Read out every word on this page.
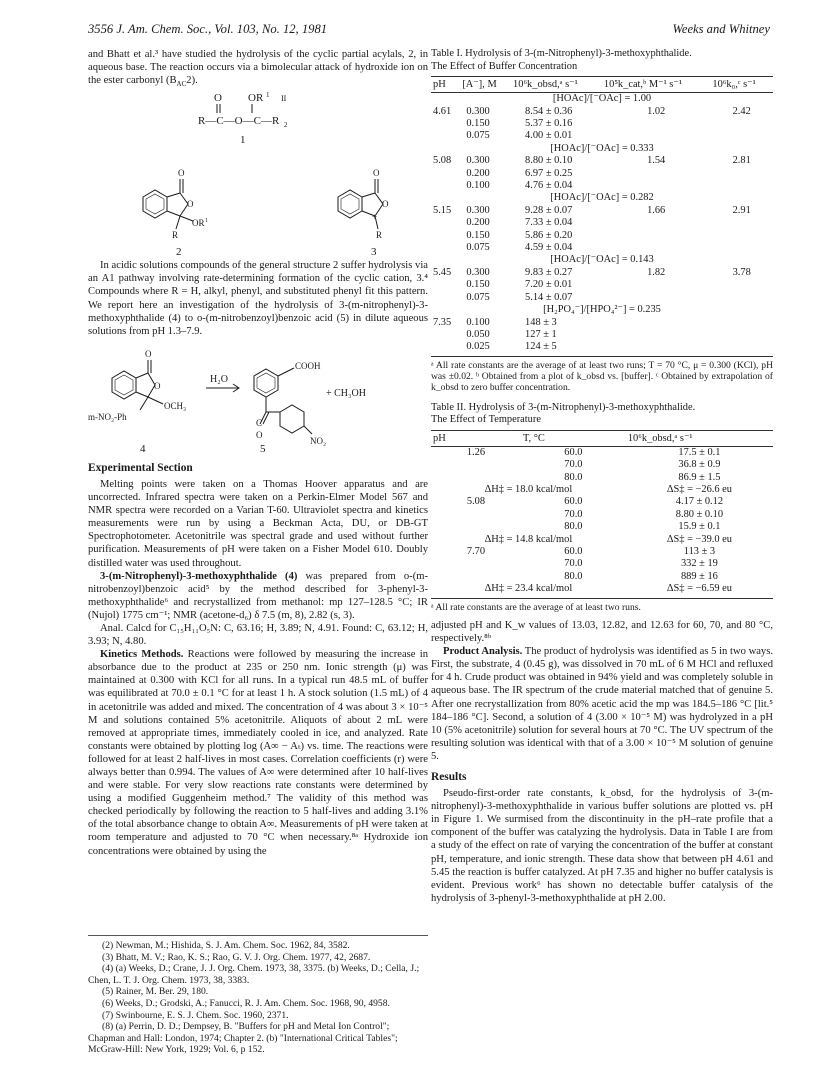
3556 J. Am. Chem. Soc., Vol. 103, No. 12, 1981	Weeks and Whitney

and Bhatt et al.³ have studied the hydrolysis of the cyclic partial acylals, 2, in aqueous base. The reaction occurs via a bimolecular attack of hydroxide ion on the ester carbonyl $(B_{AC}2)$.

O OR 1 II
R—C—O—C—R 2
1
O
O
R
OR 1
O
O
+
R
2	3

In acidic solutions compounds of the general structure 2 suffer hydrolysis via an A1 pathway involving rate-determining formation of the cyclic cation, 3.⁴ Compounds where R = H, alkyl, phenyl, and substituted phenyl fit this pattern. We report here an investigation of the hydrolysis of 3-(m-nitrophenyl)-3-methoxyphthalide (4) to o-(m-nitrobenzoyl)benzoic acid (5) in dilute aqueous solutions from pH 1.3–7.9.

O
O
C
O
OCH₃
m-NO₂-Ph
H₂O
COOH
+ CH₃OH
NO₂
4	5
Experimental Section

Melting points were taken on a Thomas Hoover apparatus and are uncorrected. Infrared spectra were taken on a Perkin-Elmer Model 567 and NMR spectra were recorded on a Varian T-60. Ultraviolet spectra and kinetics measurements were run by using a Beckman Acta, DU, or DB-GT Spectrophotometer. Acetonitrile was spectral grade and used without further purification. Measurements of pH were taken on a Fisher Model 610. Doubly distilled water was used throughout.

3-(m-Nitrophenyl)-3-methoxyphthalide (4) was prepared from o-(m-nitrobenzoyl)benzoic acid⁵ by the method described for 3-phenyl-3-methoxyphthalide⁶ and recrystallized from methanol: mp 127–128.5 °C; IR (Nujol) 1775 cm⁻¹; NMR (acetone-d₆) δ 7.5 (m, 8), 2.82 (s, 3).

Anal. Calcd for C₁₅H₁₁O₅N: C, 63.16; H, 3.89; N, 4.91. Found: C, 63.12; H, 3.93; N, 4.80.

Kinetics Methods. Reactions were followed by measuring the increase in absorbance due to the product at 235 or 250 nm. Ionic strength (μ) was maintained at 0.300 with KCl for all runs. In a typical run 48.5 mL of buffer was equilibrated at 70.0 ± 0.1 °C for at least 1 h. A stock solution (1.5 mL) of 4 in acetonitrile was added and mixed. The concentration of 4 was about 3 × 10⁻⁵ M and solutions contained 5% acetonitrile. Aliquots of about 2 mL were removed at appropriate times, immediately cooled in ice, and analyzed. Rate constants were obtained by plotting log (A∞ − Aₜ) vs. time. The reactions were followed for at least 2 half-lives in most cases. Correlation coefficients (r) were always better than 0.994. The values of A∞ were determined after 10 half-lives and were stable. For very slow reactions rate constants were determined by using a modified Guggenheim method.⁷ The validity of this method was checked periodically by following the reaction to 5 half-lives and adding 3.1% of the total absorbance change to obtain A∞. Measurements of pH were taken at room temperature and adjusted to 70 °C when necessary.⁸ᵃ Hydroxide ion concentrations were obtained by using the

(2) Newman, M.; Hishida, S. J. Am. Chem. Soc. 1962, 84, 3582.

(3) Bhatt, M. V.; Rao, K. S.; Rao, G. V. J. Org. Chem. 1977, 42, 2687.

(4) (a) Weeks, D.; Crane, J. J. Org. Chem. 1973, 38, 3375. (b) Weeks, D.; Cella, J.; Chen, L. T. J. Org. Chem. 1973, 38, 3383.

(5) Rainer, M. Ber. 29, 180.

(6) Weeks, D.; Grodski, A.; Fanucci, R. J. Am. Chem. Soc. 1968, 90, 4958.

(7) Swinbourne, E. S. J. Chem. Soc. 1960, 2371.

(8) (a) Perrin, D. D.; Dempsey, B. "Buffers for pH and Metal Ion Control"; Chapman and Hall: London, 1974; Chapter 2. (b) "International Critical Tables"; McGraw-Hill: New York, 1929; Vol. 6, p 152.

Table I. Hydrolysis of 3-(m-Nitrophenyl)-3-methoxyphthalide.
The Effect of Buffer Concentration
pH	[A⁻], M	10⁶k_obsd,ᵃ s⁻¹	10⁵k_cat,ᵇ M⁻¹ s⁻¹	10⁶k₀,ᶜ s⁻¹
[HOAc]/[⁻OAc] = 1.00				
4.61	0.300	8.54 ± 0.36	1.02	2.42
	0.150	5.37 ± 0.16		
	0.075	4.00 ± 0.01		
[HOAc]/[⁻OAc] = 0.333				
5.08	0.300	8.80 ± 0.10	1.54	2.81
	0.200	6.97 ± 0.25		
	0.100	4.76 ± 0.04		
[HOAc]/[⁻OAc] = 0.282				
5.15	0.300	9.28 ± 0.07	1.66	2.91
	0.200	7.33 ± 0.04		
	0.150	5.86 ± 0.20		
	0.075	4.59 ± 0.04		
[HOAc]/[⁻OAc] = 0.143				
5.45	0.300	9.83 ± 0.27	1.82	3.78
	0.150	7.20 ± 0.01		
	0.075	5.14 ± 0.07		
[H₂PO₄⁻]/[HPO₄²⁻] = 0.235				
7.35	0.100	148 ± 3		
	0.050	127 ± 1		
	0.025	124 ± 5		
ᵃ All rate constants are the average of at least two runs; T = 70 °C, μ = 0.300 (KCl), pH was ±0.02. ᵇ Obtained from a plot of k_obsd vs. [buffer]. ᶜ Obtained by extrapolation of k_obsd to zero buffer concentration.
Table II. Hydrolysis of 3-(m-Nitrophenyl)-3-methoxyphthalide.
The Effect of Temperature
pH	T, °C	10⁶k_obsd,ᵃ s⁻¹
1.26	60.0	17.5 ± 0.1
	70.0	36.8 ± 0.9
	80.0	86.9 ± 1.5
ΔH‡ = 18.0 kcal/mol		ΔS‡ = −26.6 eu
5.08	60.0	4.17 ± 0.12
	70.0	8.80 ± 0.10
	80.0	15.9 ± 0.1
ΔH‡ = 14.8 kcal/mol		ΔS‡ = −39.0 eu
7.70	60.0	113 ± 3
	70.0	332 ± 19
	80.0	889 ± 16
ΔH‡ = 23.4 kcal/mol		ΔS‡ = −6.59 eu
ᵃ All rate constants are the average of at least two runs.

adjusted pH and K_w values of 13.03, 12.82, and 12.63 for 60, 70, and 80 °C, respectively.⁸ᵇ

Product Analysis. The product of hydrolysis was identified as 5 in two ways. First, the substrate, 4 (0.45 g), was dissolved in 70 mL of 6 M HCl and refluxed for 4 h. Crude product was obtained in 94% yield and was completely soluble in aqueous base. The IR spectrum of the crude material matched that of genuine 5. After one recrystallization from 80% acetic acid the mp was 184.5–186 °C [lit.⁵ 184–186 °C]. Second, a solution of 4 (3.00 × 10⁻⁵ M) was hydrolyzed in a pH 10 (5% acetonitrile) solution for several hours at 70 °C. The UV spectrum of the resulting solution was identical with that of a 3.00 × 10⁻⁵ M solution of genuine 5.

Results

Pseudo-first-order rate constants, k_obsd, for the hydrolysis of 3-(m-nitrophenyl)-3-methoxyphthalide in various buffer solutions are plotted vs. pH in Figure 1. We surmised from the discontinuity in the pH–rate profile that a component of the buffer was catalyzing the hydrolysis. Data in Table I are from a study of the effect on rate of varying the concentration of the buffer at constant pH, temperature, and ionic strength. These data show that between pH 4.61 and 5.45 the reaction is buffer catalyzed. At pH 7.35 and higher no buffer catalysis is evident. Previous work⁶ has shown no detectable buffer catalysis of the hydrolysis of 3-phenyl-3-methoxyphthalide at pH 2.00.
